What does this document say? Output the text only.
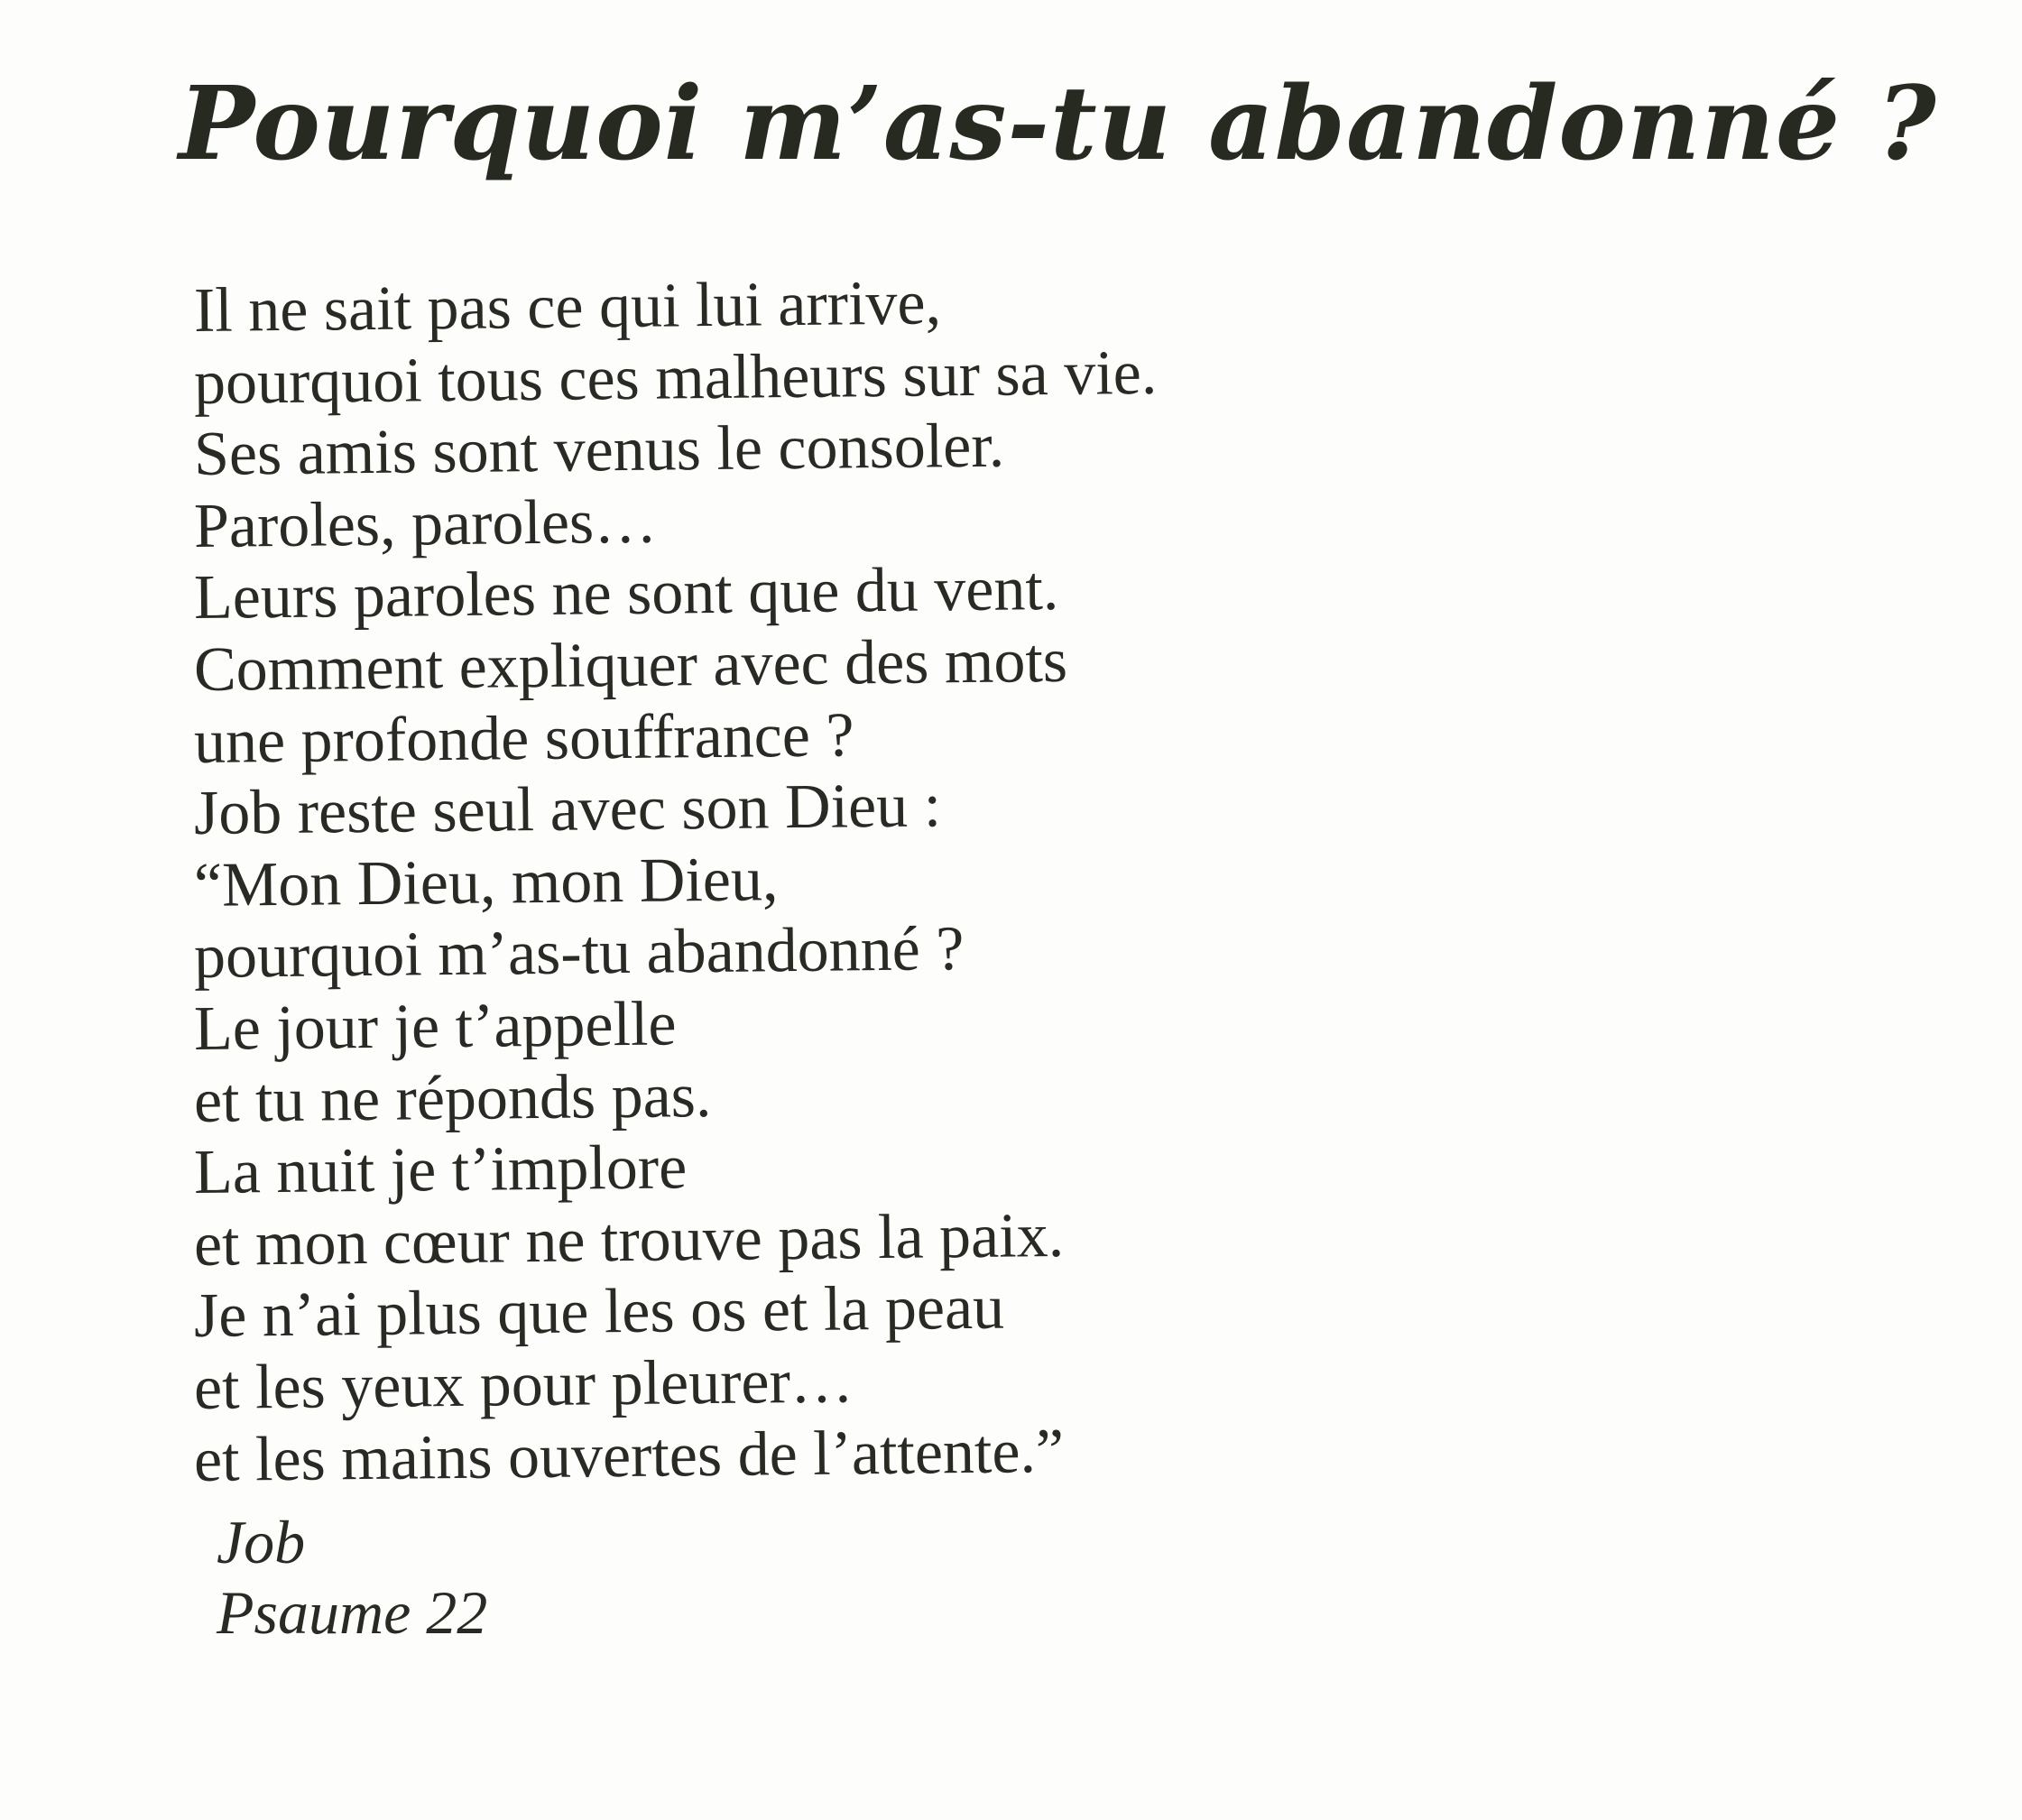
Pourquoi m’as-tu abandonné ?
Il ne sait pas ce qui lui arrive,
pourquoi tous ces malheurs sur sa vie.
Ses amis sont venus le consoler.
Paroles, paroles…
Leurs paroles ne sont que du vent.
Comment expliquer avec des mots
une profonde souffrance ?
Job reste seul avec son Dieu :
“Mon Dieu, mon Dieu,
pourquoi m’as-tu abandonné ?
Le jour je t’appelle
et tu ne réponds pas.
La nuit je t’implore
et mon cœur ne trouve pas la paix.
Je n’ai plus que les os et la peau
et les yeux pour pleurer…
et les mains ouvertes de l’attente.”
Job
Psaume 22
